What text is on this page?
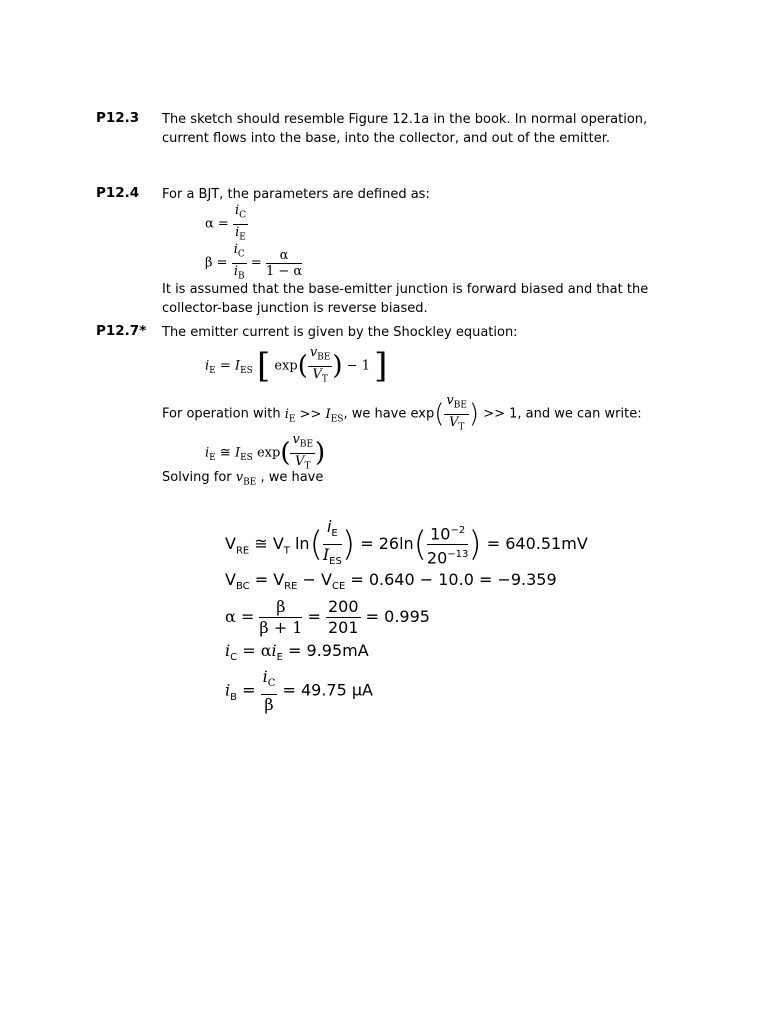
P12.3 The sketch should resemble Figure 12.1a in the book. In normal operation, current flows into the base, into the collector, and out of the emitter.
P12.4 For a BJT, the parameters are defined as:
$\alpha = \frac{i_C}{i_E}$
$\beta = \frac{i_C}{i_B} = \frac{\alpha}{1 - \alpha}$
It is assumed that the base-emitter junction is forward biased and that the collector-base junction is reverse biased.
P12.7* The emitter current is given by the Shockley equation:
$i_E = I_{ES}$ [ $\exp( \frac{v_{BE}}{V_T}$ ) − 1 ]
For operation with $i_E >> I_{ES}$, we have $\exp( \frac{v_{BE}}{V_T}$ ) >> 1, and we can write:
$i_E$ ≅ $I_{ES}$ $\exp( \frac{v_{BE}}{V_T}$ )
Solving for $v_{BE}$ , we have
$V_{RE}$ ≅ $V_T$ $\ln( \frac{i_E}{I_{ES}}$ ) = $26\ln( \frac{10^{-2}}{20^{-13}}$ ) = 640.51mV
$V_{BC} = V_{RE} - V_{CE} = 0.640 - 10.0 = -9.359$
$\alpha = \frac{\beta}{\beta + 1} = \frac{200}{201} = 0.995$
$i_C = \alpha i_E = 9.95mA$
$i_B = \frac{i_C}{\beta} = 49.75$ μA
